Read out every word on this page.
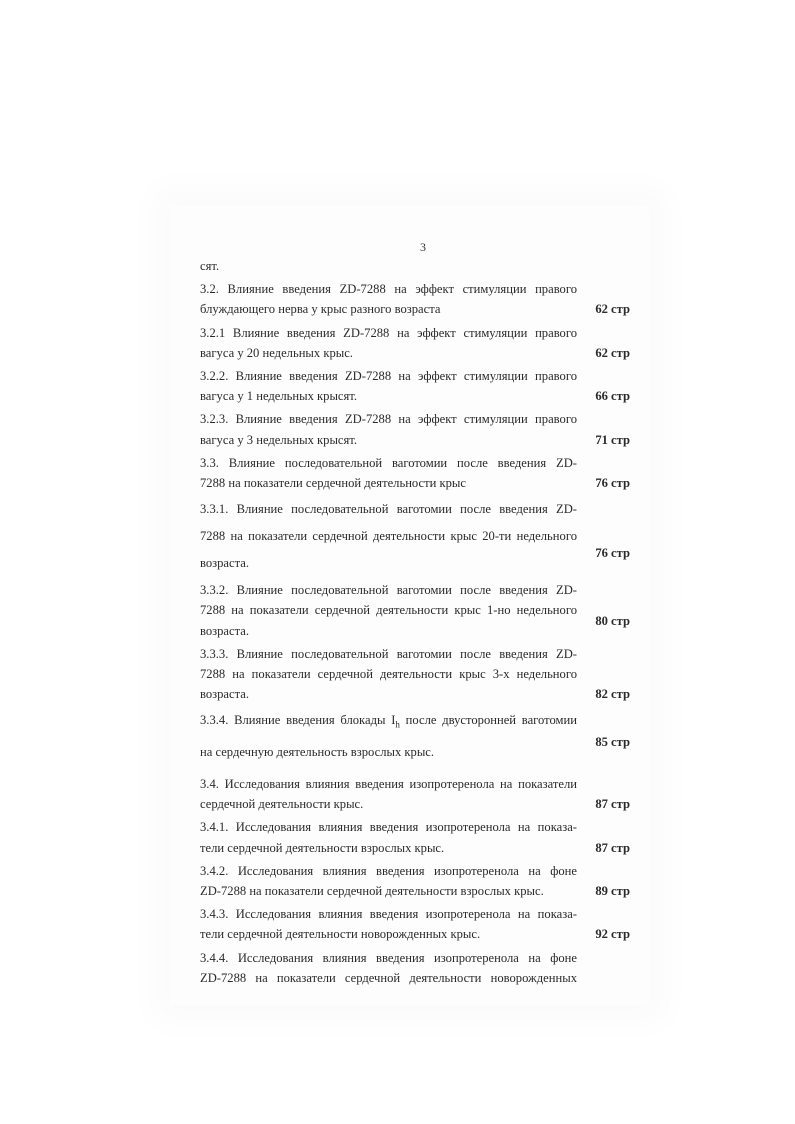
3
сят.
3.2. Влияние введения ZD-7288 на эффект стимуляции правого
блуждающего нерва у крыс разного возраста	62 стр
3.2.1 Влияние введения ZD-7288 на эффект стимуляции правого
вагуса у 20 недельных крыс.	62 стр
3.2.2. Влияние введения ZD-7288 на эффект стимуляции правого
вагуса у 1 недельных крысят.	66 стр
3.2.3. Влияние введения ZD-7288 на эффект стимуляции правого
вагуса у 3 недельных крысят.	71 стр
3.3. Влияние последовательной ваготомии после введения ZD-
7288 на показатели сердечной деятельности крыс	76 стр
3.3.1. Влияние последовательной ваготомии после введения ZD-
7288 на показатели сердечной деятельности крыс 20-ти недельного
возраста.
76 стр
3.3.2. Влияние последовательной ваготомии после введения ZD-
7288 на показатели сердечной деятельности крыс 1-но недельного
возраста.
80 стр
3.3.3. Влияние последовательной ваготомии после введения ZD-
7288 на показатели сердечной деятельности крыс 3-х недельного
возраста.	82 стр
3.3.4. Влияние введения блокады $I_h$ после двусторонней ваготомии
на сердечную деятельность взрослых крыс.
85 стр
3.4. Исследования влияния введения изопротеренола на показатели
сердечной деятельности крыс.	87 стр
3.4.1. Исследования влияния введения изопротеренола на показа-
тели сердечной деятельности взрослых крыс.	87 стр
3.4.2. Исследования влияния введения изопротеренола на фоне
ZD-7288 на показатели сердечной деятельности взрослых крыс.	89 стр
3.4.3. Исследования влияния введения изопротеренола на показа-
тели сердечной деятельности новорожденных крыс.	92 стр
3.4.4. Исследования влияния введения изопротеренола на фоне
ZD-7288 на показатели сердечной деятельности новорожденных
